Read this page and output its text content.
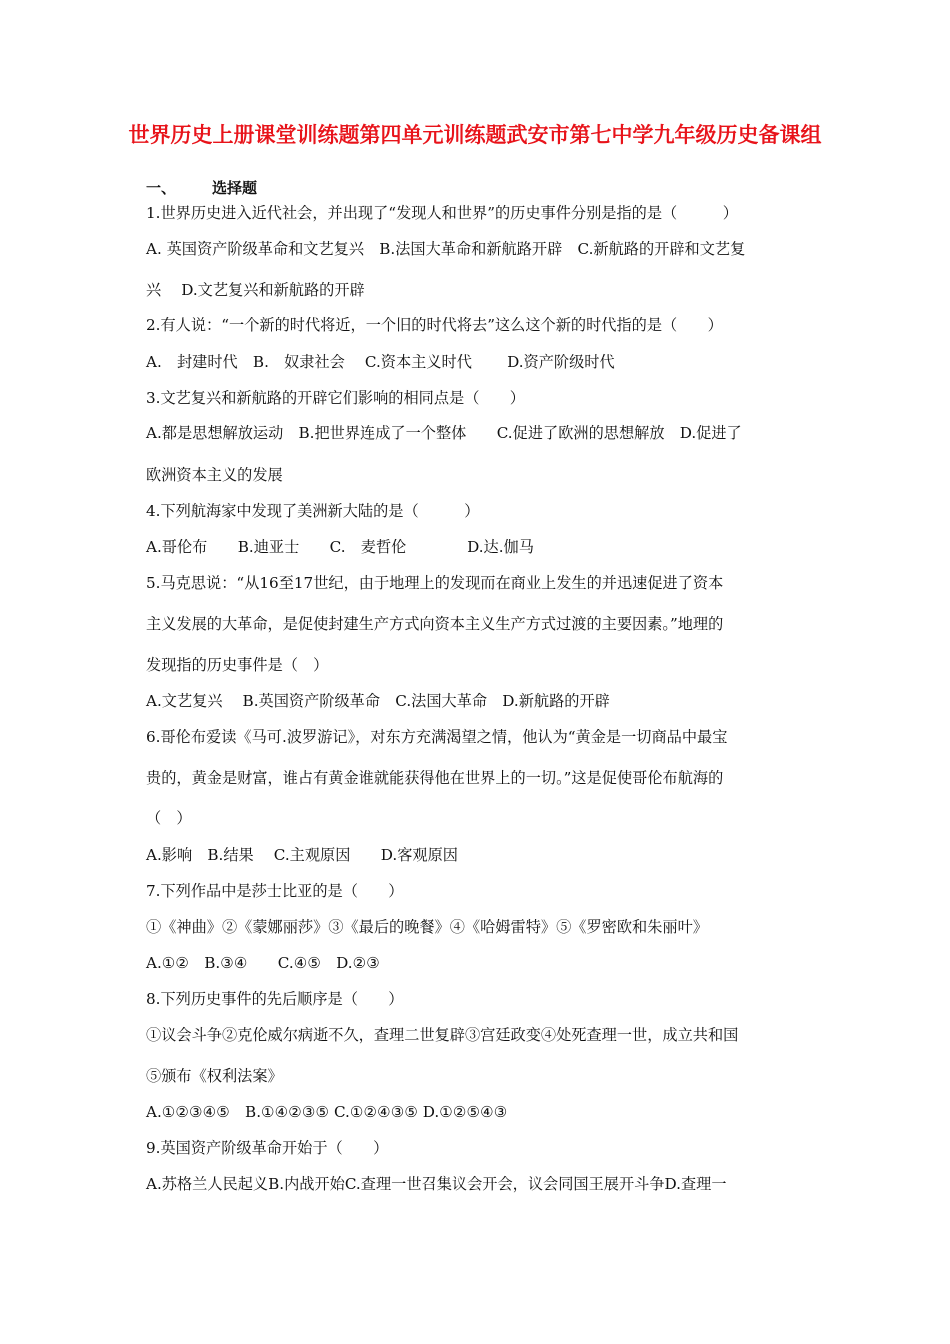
世界历史上册课堂训练题第四单元训练题武安市第七中学九年级历史备课组
一、 选择题
1.世界历史进入近代社会，并出现了“发现人和世界”的历史事件分别是指的是（　　　）
A. 英国资产阶级革命和文艺复兴　B.法国大革命和新航路开辟　C.新航路的开辟和文艺复
兴　 D.文艺复兴和新航路的开辟
2.有人说：“一个新的时代将近，一个旧的时代将去”这么这个新的时代指的是（　　）
A.　封建时代　B.　奴隶社会　 C.资本主义时代　　 D.资产阶级时代
3.文艺复兴和新航路的开辟它们影响的相同点是（　　）
A.都是思想解放运动　B.把世界连成了一个整体　　C.促进了欧洲的思想解放　D.促进了
欧洲资本主义的发展
4.下列航海家中发现了美洲新大陆的是（　　　）
A.哥伦布　　B.迪亚士　　C.　麦哲伦　　　　D.达.伽马
5.马克思说：“从16至17世纪，由于地理上的发现而在商业上发生的并迅速促进了资本
主义发展的大革命，是促使封建生产方式向资本主义生产方式过渡的主要因素。”地理的
发现指的历史事件是（　）
A.文艺复兴　 B.英国资产阶级革命　C.法国大革命　D.新航路的开辟
6.哥伦布爱读《马可.波罗游记》，对东方充满渴望之情，他认为“黄金是一切商品中最宝
贵的，黄金是财富，谁占有黄金谁就能获得他在世界上的一切。”这是促使哥伦布航海的
（　）
A.影响　B.结果　 C.主观原因　　D.客观原因
7.下列作品中是莎士比亚的是（　　）
①《神曲》②《蒙娜丽莎》③《最后的晚餐》④《哈姆雷特》⑤《罗密欧和朱丽叶》
A.①②　B.③④　　C.④⑤　D.②③
8.下列历史事件的先后顺序是（　　）
①议会斗争②克伦威尔病逝不久，查理二世复辟③宫廷政变④处死查理一世，成立共和国
⑤颁布《权利法案》
A.①②③④⑤　B.①④②③⑤ C.①②④③⑤ D.①②⑤④③
9.英国资产阶级革命开始于（　　）
A.苏格兰人民起义B.内战开始C.查理一世召集议会开会，议会同国王展开斗争D.查理一
